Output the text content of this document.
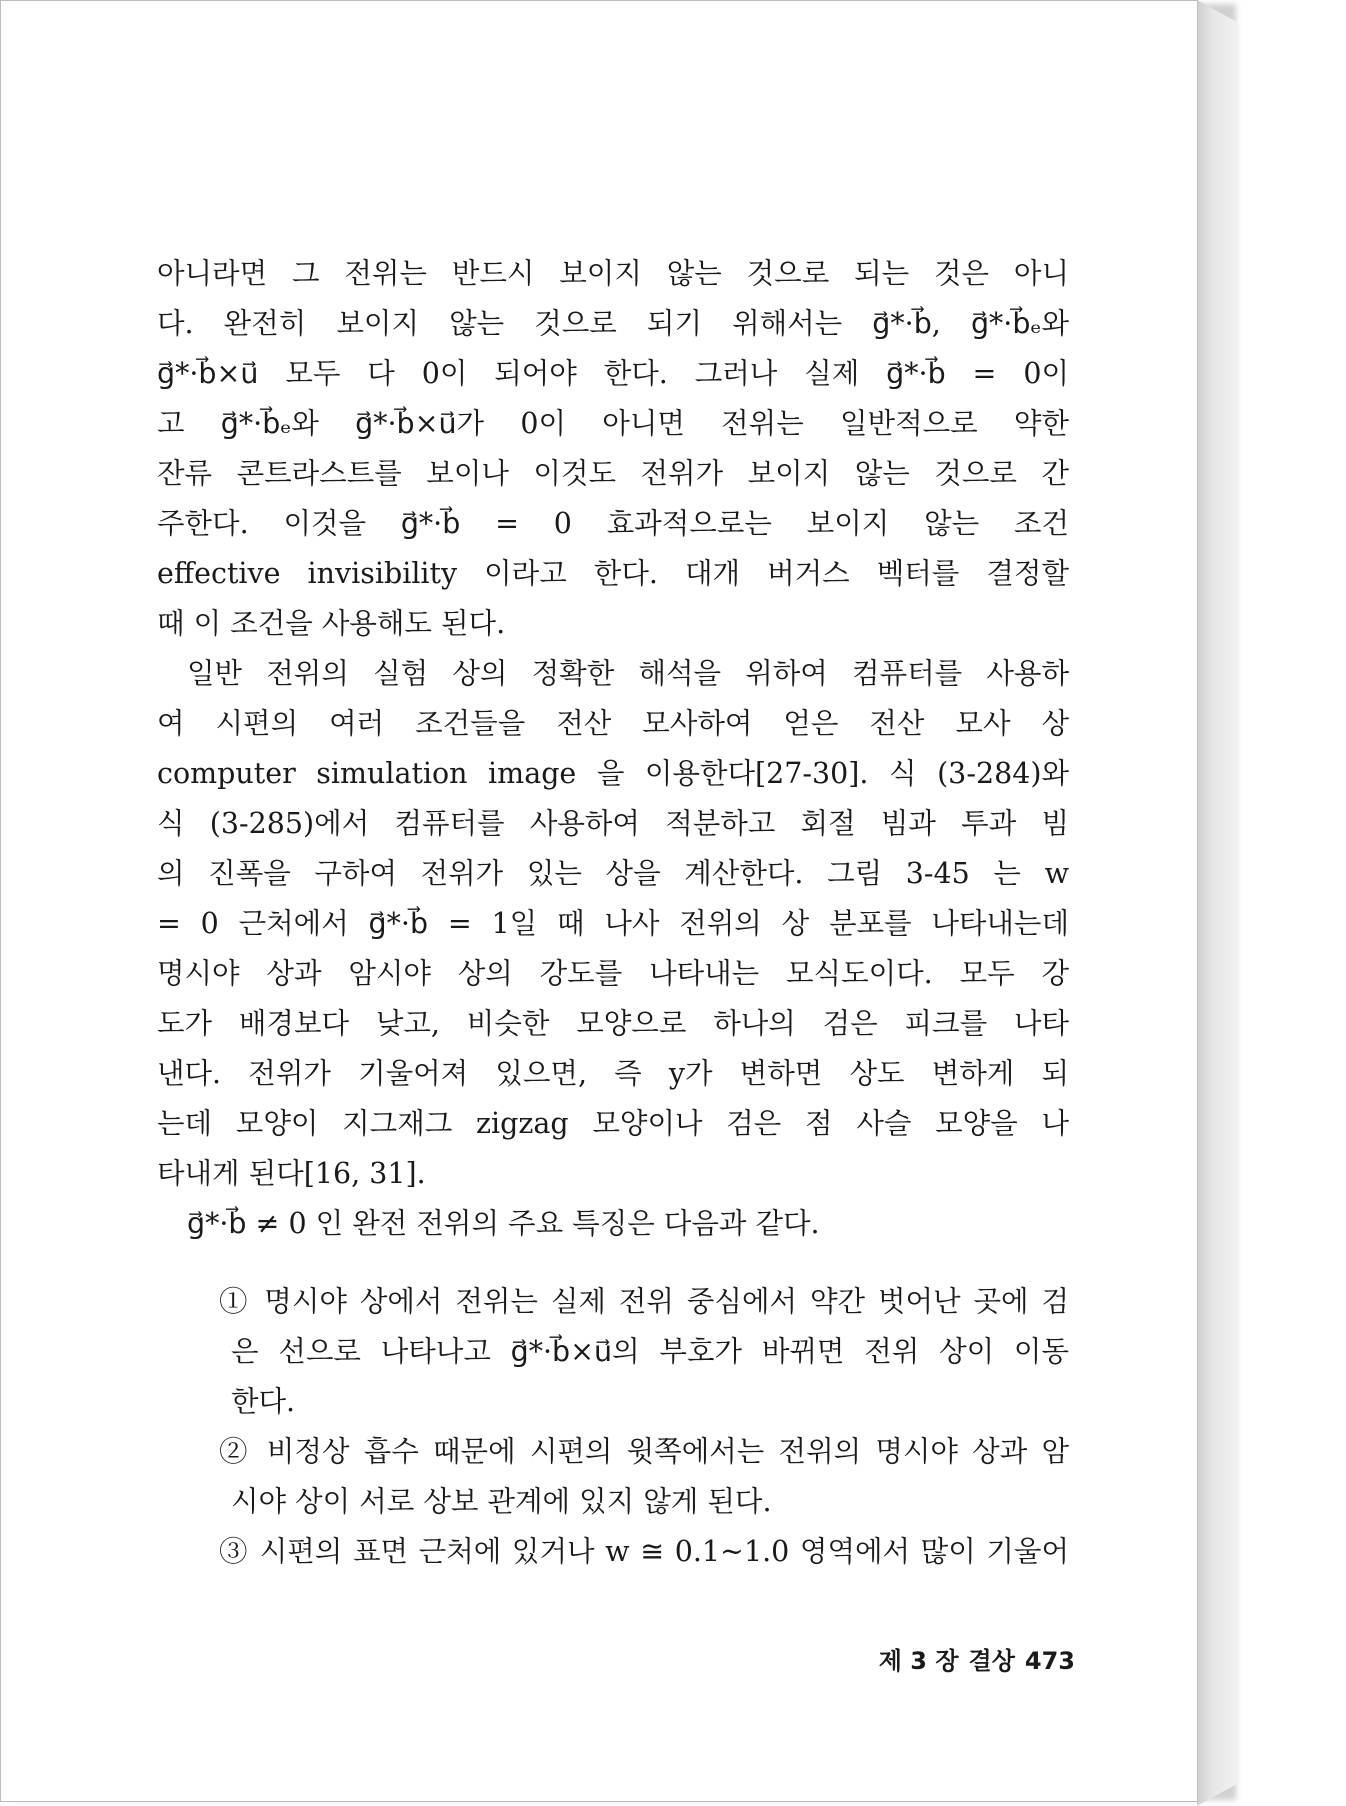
아니라면 그 전위는 반드시 보이지 않는 것으로 되는 것은 아니
다. 완전히 보이지 않는 것으로 되기 위해서는 g⃗*·b⃗, g⃗*·b⃗ₑ와
g⃗*·b⃗×u⃗ 모두 다 0이 되어야 한다. 그러나 실제 g⃗*·b⃗ = 0이
고 g⃗*·b⃗ₑ와 g⃗*·b⃗×u⃗가 0이 아니면 전위는 일반적으로 약한
잔류 콘트라스트를 보이나 이것도 전위가 보이지 않는 것으로 간
주한다. 이것을 g⃗*·b⃗ = 0 효과적으로는 보이지 않는 조건
effective invisibility 이라고 한다. 대개 버거스 벡터를 결정할
때 이 조건을 사용해도 된다.
일반 전위의 실험 상의 정확한 해석을 위하여 컴퓨터를 사용하
여 시편의 여러 조건들을 전산 모사하여 얻은 전산 모사 상
computer simulation image 을 이용한다[27-30]. 식 (3-284)와
식 (3-285)에서 컴퓨터를 사용하여 적분하고 회절 빔과 투과 빔
의 진폭을 구하여 전위가 있는 상을 계산한다. 그림 3-45 는 w
= 0 근처에서 g⃗*·b⃗ = 1일 때 나사 전위의 상 분포를 나타내는데
명시야 상과 암시야 상의 강도를 나타내는 모식도이다. 모두 강
도가 배경보다 낮고, 비슷한 모양으로 하나의 검은 피크를 나타
낸다. 전위가 기울어져 있으면, 즉 y가 변하면 상도 변하게 되
는데 모양이 지그재그 zigzag 모양이나 검은 점 사슬 모양을 나
타내게 된다[16, 31].
g⃗*·b⃗ ≠ 0 인 완전 전위의 주요 특징은 다음과 같다.
① 명시야 상에서 전위는 실제 전위 중심에서 약간 벗어난 곳에 검
은 선으로 나타나고 g⃗*·b⃗×u⃗의 부호가 바뀌면 전위 상이 이동
한다.
② 비정상 흡수 때문에 시편의 윗쪽에서는 전위의 명시야 상과 암
시야 상이 서로 상보 관계에 있지 않게 된다.
③ 시편의 표면 근처에 있거나 w ≅ 0.1~1.0 영역에서 많이 기울어
제 3 장 결상 473
